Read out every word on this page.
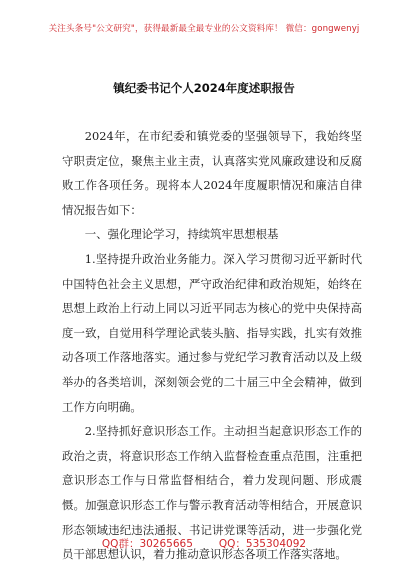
关注头条号"公文研究"，获得最新最全最专业的公文资料库！ 微信：gongwenyj
镇纪委书记个人2024年度述职报告

2024年，在市纪委和镇党委的坚强领导下，我始终坚守职责定位，聚焦主业主责，认真落实党风廉政建设和反腐败工作各项任务。现将本人2024年度履职情况和廉洁自律情况报告如下：

一、强化理论学习，持续筑牢思想根基

1.坚持提升政治业务能力。深入学习贯彻习近平新时代中国特色社会主义思想，严守政治纪律和政治规矩，始终在思想上政治上行动上同以习近平同志为核心的党中央保持高度一致，自觉用科学理论武装头脑、指导实践，扎实有效推动各项工作落地落实。通过参与党纪学习教育活动以及上级举办的各类培训，深刻领会党的二十届三中全会精神，做到工作方向明确。

2.坚持抓好意识形态工作。主动担当起意识形态工作的政治之责，将意识形态工作纳入监督检查重点范围，注重把意识形态工作与日常监督相结合，着力发现问题、形成震慑。加强意识形态工作与警示教育活动等相结合，开展意识形态领域违纪违法通报、书记讲党课等活动，进一步强化党员干部思想认识，着力推动意识形态各项工作落实落地。

QQ群：30265665 QQ：535304092
